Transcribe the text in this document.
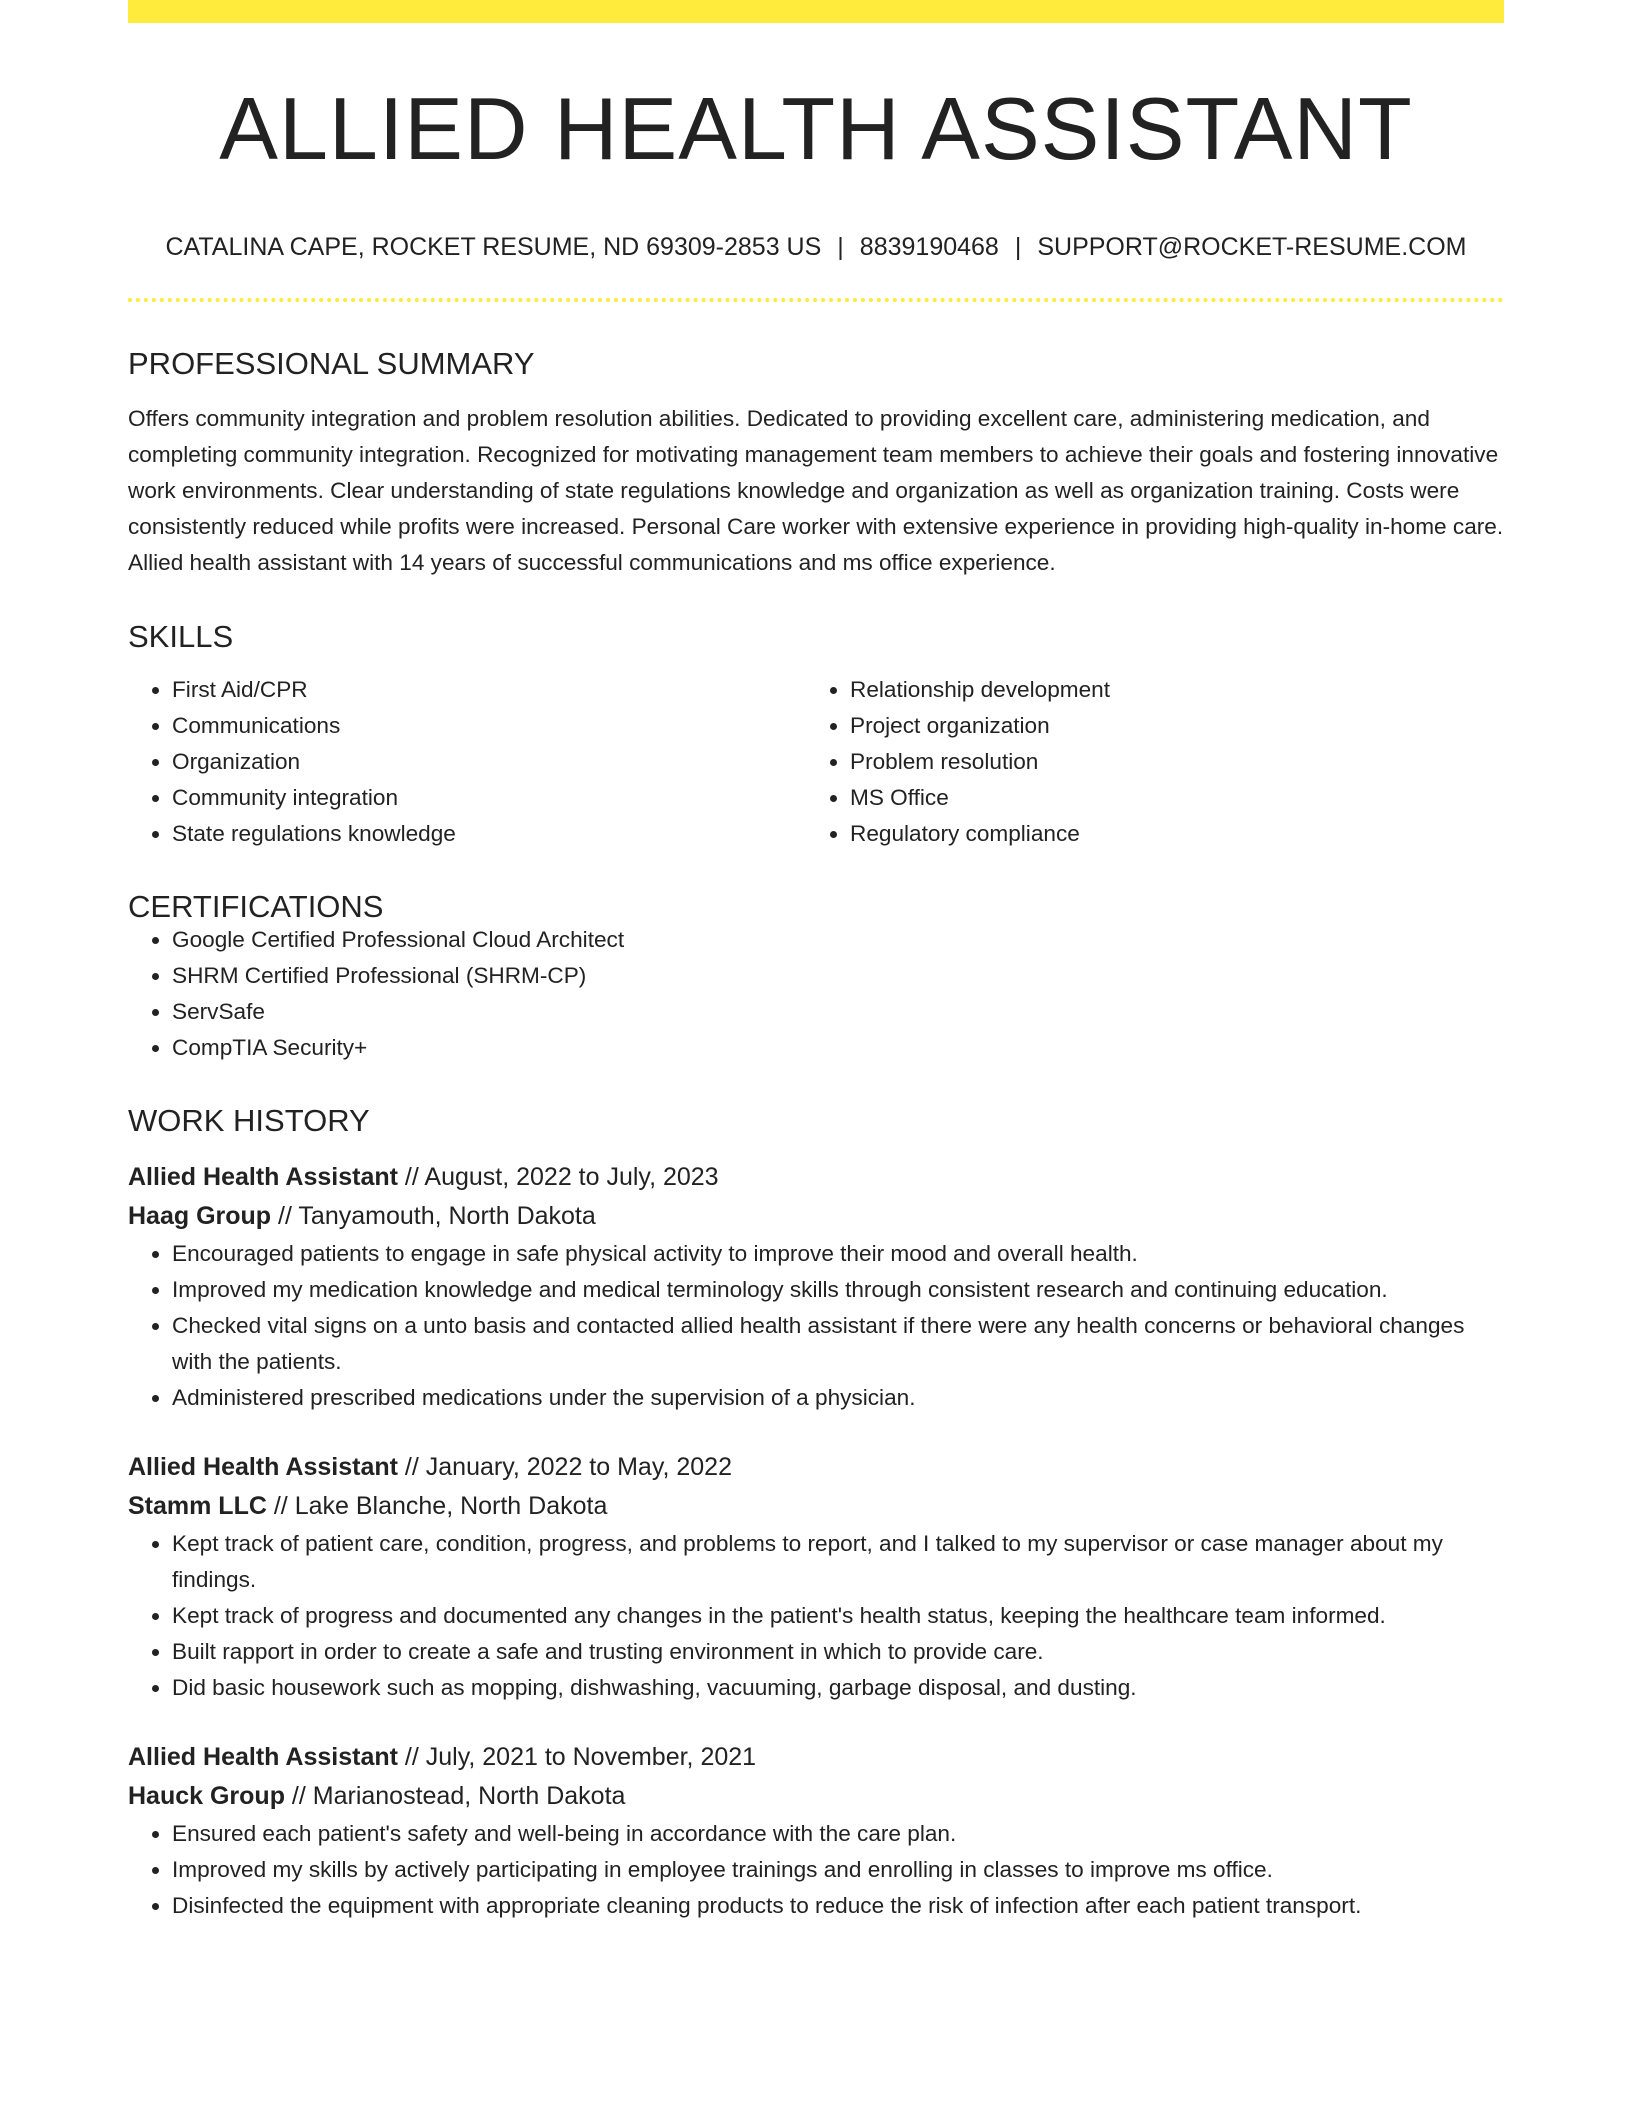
ALLIED HEALTH ASSISTANT
CATALINA CAPE, ROCKET RESUME, ND 69309-2853 US | 8839190468 | SUPPORT@ROCKET-RESUME.COM
PROFESSIONAL SUMMARY
Offers community integration and problem resolution abilities. Dedicated to providing excellent care, administering medication, and completing community integration. Recognized for motivating management team members to achieve their goals and fostering innovative work environments. Clear understanding of state regulations knowledge and organization as well as organization training. Costs were consistently reduced while profits were increased. Personal Care worker with extensive experience in providing high-quality in-home care. Allied health assistant with 14 years of successful communications and ms office experience.
SKILLS
• First Aid/CPR
• Communications
• Organization
• Community integration
• State regulations knowledge
• Relationship development
• Project organization
• Problem resolution
• MS Office
• Regulatory compliance
CERTIFICATIONS
• Google Certified Professional Cloud Architect
• SHRM Certified Professional (SHRM-CP)
• ServSafe
• CompTIA Security+
WORK HISTORY
Allied Health Assistant // August, 2022 to July, 2023
Haag Group // Tanyamouth, North Dakota
• Encouraged patients to engage in safe physical activity to improve their mood and overall health.
• Improved my medication knowledge and medical terminology skills through consistent research and continuing education.
• Checked vital signs on a unto basis and contacted allied health assistant if there were any health concerns or behavioral changes with the patients.
• Administered prescribed medications under the supervision of a physician.
Allied Health Assistant // January, 2022 to May, 2022
Stamm LLC // Lake Blanche, North Dakota
• Kept track of patient care, condition, progress, and problems to report, and I talked to my supervisor or case manager about my findings.
• Kept track of progress and documented any changes in the patient's health status, keeping the healthcare team informed.
• Built rapport in order to create a safe and trusting environment in which to provide care.
• Did basic housework such as mopping, dishwashing, vacuuming, garbage disposal, and dusting.
Allied Health Assistant // July, 2021 to November, 2021
Hauck Group // Marianostead, North Dakota
• Ensured each patient's safety and well-being in accordance with the care plan.
• Improved my skills by actively participating in employee trainings and enrolling in classes to improve ms office.
• Disinfected the equipment with appropriate cleaning products to reduce the risk of infection after each patient transport.
